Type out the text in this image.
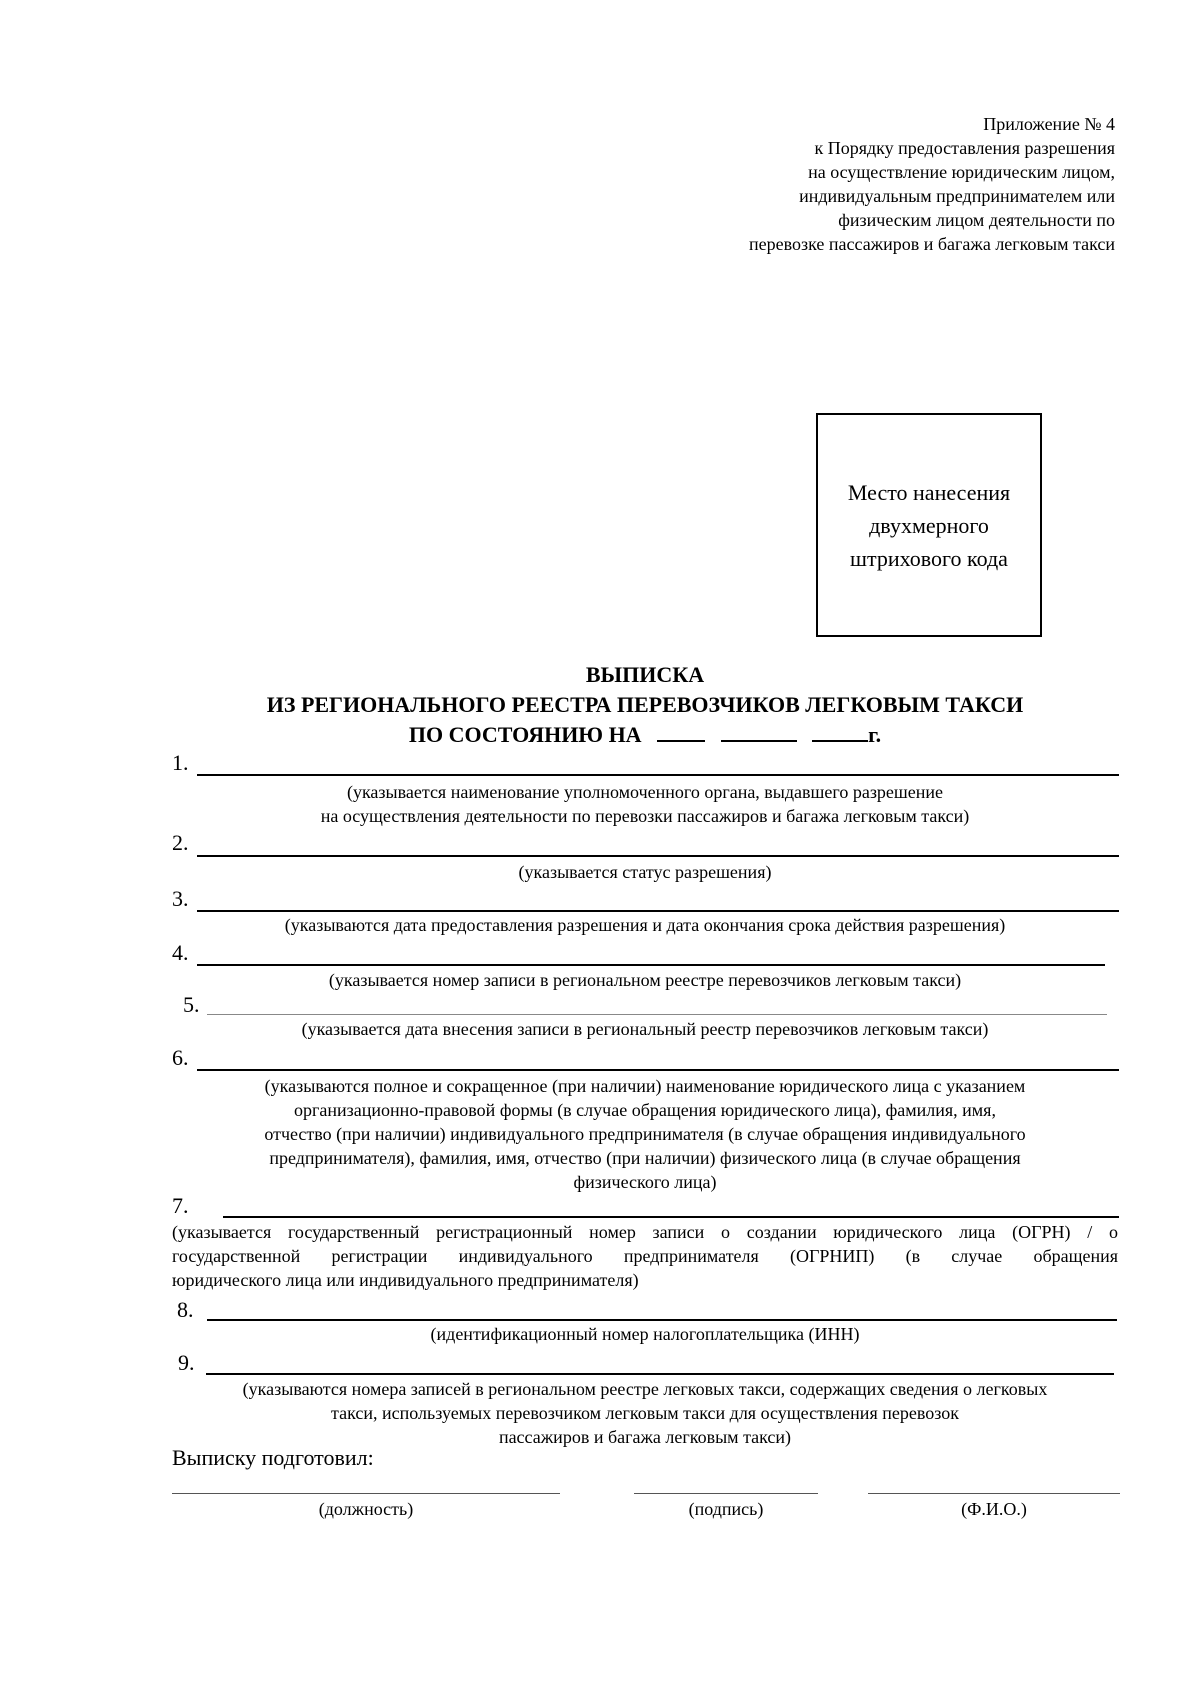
Приложение № 4
к Порядку предоставления разрешения
на осуществление юридическим лицом,
индивидуальным предпринимателем или
физическим лицом деятельности по
перевозке пассажиров и багажа легковым такси
Место нанесения
двухмерного
штрихового кода
ВЫПИСКА
ИЗ РЕГИОНАЛЬНОГО РЕЕСТРА ПЕРЕВОЗЧИКОВ ЛЕГКОВЫМ ТАКСИ
ПО СОСТОЯНИЮ НА	г.
1.
(указывается наименование уполномоченного органа, выдавшего разрешение
на осуществления деятельности по перевозки пассажиров и багажа легковым такси)
2.
(указывается статус разрешения)
3.
(указываются дата предоставления разрешения и дата окончания срока действия разрешения)
4.
(указывается номер записи в региональном реестре перевозчиков легковым такси)
5.
(указывается дата внесения записи в региональный реестр перевозчиков легковым такси)
6.
(указываются полное и сокращенное (при наличии) наименование юридического лица с указанием
организационно-правовой формы (в случае обращения юридического лица), фамилия, имя,
отчество (при наличии) индивидуального предпринимателя (в случае обращения индивидуального
предпринимателя), фамилия, имя, отчество (при наличии) физического лица (в случае обращения
физического лица)
7.
(указывается государственный регистрационный номер записи о создании юридического лица (ОГРН) / о
государственной регистрации индивидуального предпринимателя (ОГРНИП) (в случае обращения
юридического лица или индивидуального предпринимателя)
8.
(идентификационный номер налогоплательщика (ИНН)
9.
(указываются номера записей в региональном реестре легковых такси, содержащих сведения о легковых
такси, используемых перевозчиком легковым такси для осуществления перевозок
пассажиров и багажа легковым такси)
Выписку подготовил:
(должность)	(подпись)	(Ф.И.О.)
